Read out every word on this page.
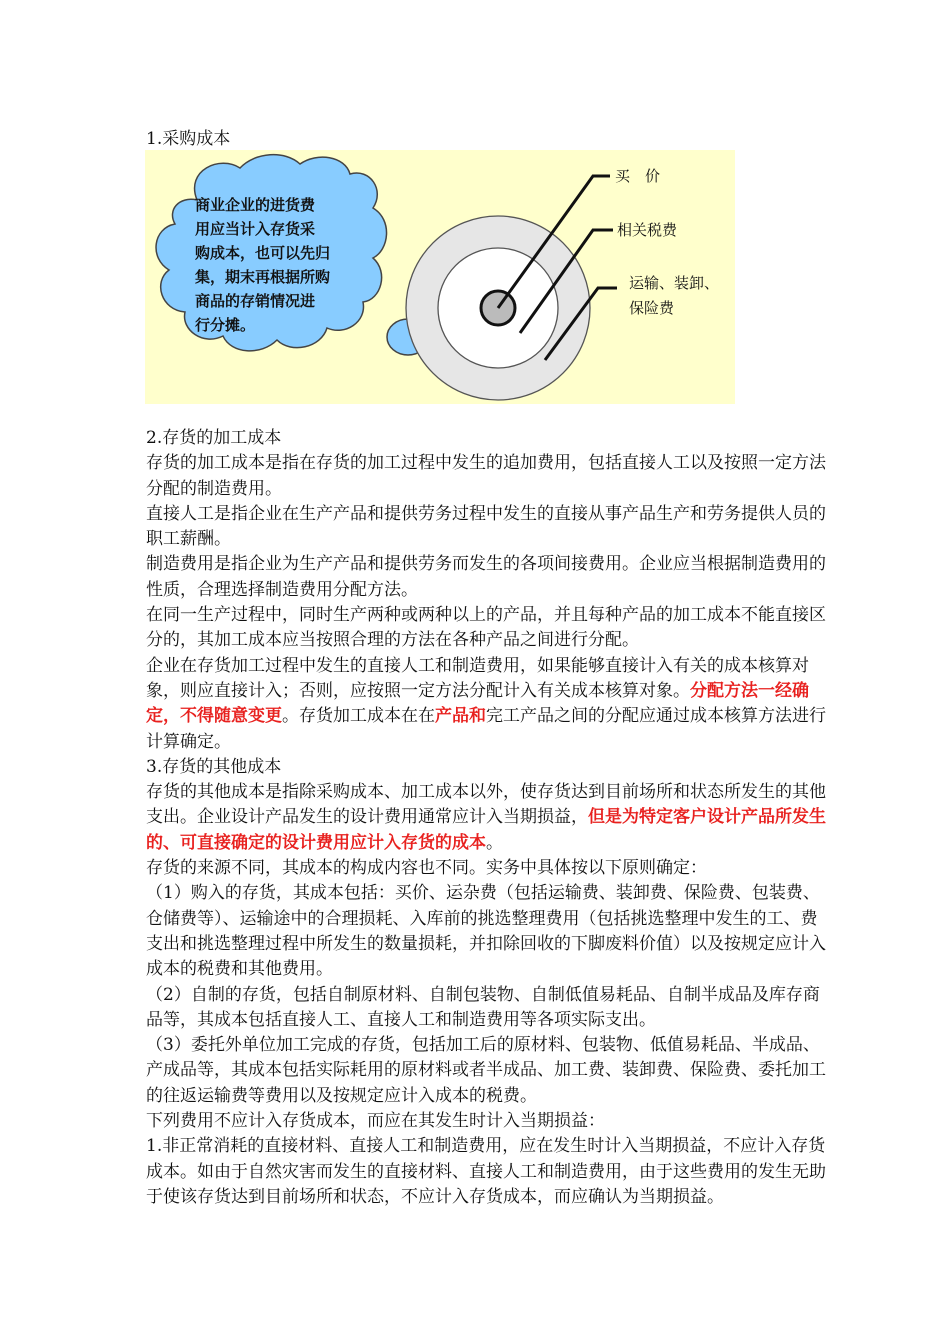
1.采购成本
商业企业的进货费
用应当计入存货采
购成本，也可以先归
集，期末再根据所购
商品的存销情况进
行分摊。
买　价
相关税费
运输、装卸、
保险费

2.存货的加工成本

存货的加工成本是指在存货的加工过程中发生的追加费用，包括直接人工以及按照一定方法分配的制造费用。

直接人工是指企业在生产产品和提供劳务过程中发生的直接从事产品生产和劳务提供人员的职工薪酬。

制造费用是指企业为生产产品和提供劳务而发生的各项间接费用。企业应当根据制造费用的性质，合理选择制造费用分配方法。

在同一生产过程中，同时生产两种或两种以上的产品，并且每种产品的加工成本不能直接区分的，其加工成本应当按照合理的方法在各种产品之间进行分配。

企业在存货加工过程中发生的直接人工和制造费用，如果能够直接计入有关的成本核算对象，则应直接计入；否则，应按照一定方法分配计入有关成本核算对象。分配方法一经确定，不得随意变更。存货加工成本在在产品和完工产品之间的分配应通过成本核算方法进行计算确定。

3.存货的其他成本

存货的其他成本是指除采购成本、加工成本以外，使存货达到目前场所和状态所发生的其他支出。企业设计产品发生的设计费用通常应计入当期损益，但是为特定客户设计产品所发生的、可直接确定的设计费用应计入存货的成本。

存货的来源不同，其成本的构成内容也不同。实务中具体按以下原则确定：

（1）购入的存货，其成本包括：买价、运杂费（包括运输费、装卸费、保险费、包装费、仓储费等）、运输途中的合理损耗、入库前的挑选整理费用（包括挑选整理中发生的工、费支出和挑选整理过程中所发生的数量损耗，并扣除回收的下脚废料价值）以及按规定应计入成本的税费和其他费用。

（2）自制的存货，包括自制原材料、自制包装物、自制低值易耗品、自制半成品及库存商品等，其成本包括直接人工、直接人工和制造费用等各项实际支出。

（3）委托外单位加工完成的存货，包括加工后的原材料、包装物、低值易耗品、半成品、产成品等，其成本包括实际耗用的原材料或者半成品、加工费、装卸费、保险费、委托加工的往返运输费等费用以及按规定应计入成本的税费。

下列费用不应计入存货成本，而应在其发生时计入当期损益：

1.非正常消耗的直接材料、直接人工和制造费用，应在发生时计入当期损益，不应计入存货成本。如由于自然灾害而发生的直接材料、直接人工和制造费用，由于这些费用的发生无助于使该存货达到目前场所和状态，不应计入存货成本，而应确认为当期损益。
